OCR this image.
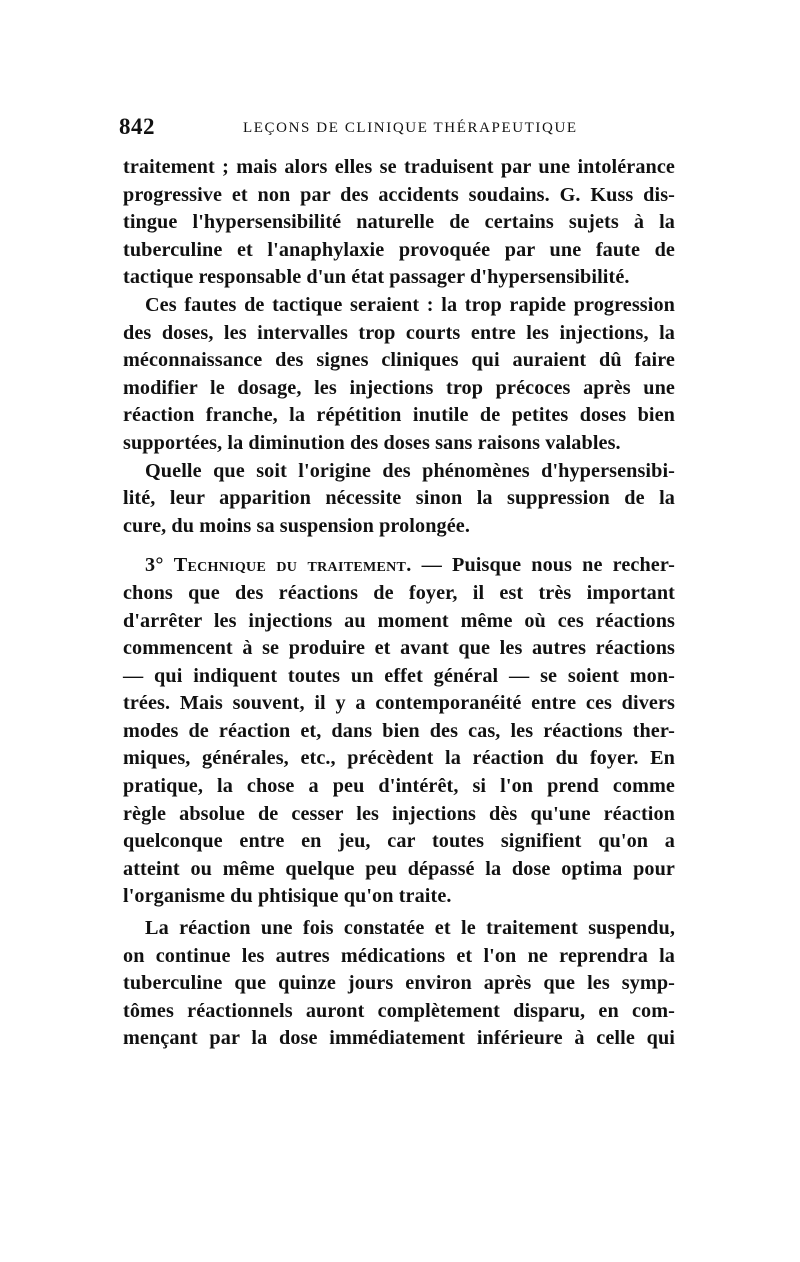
842	LEÇONS DE CLINIQUE THÉRAPEUTIQUE
traitement ; mais alors elles se traduisent par une intolérance
progressive et non par des accidents soudains. G. Kuss dis-
tingue l'hypersensibilité naturelle de certains sujets à la
tuberculine et l'anaphylaxie provoquée par une faute de
tactique responsable d'un état passager d'hypersensibilité.
Ces fautes de tactique seraient : la trop rapide progression
des doses, les intervalles trop courts entre les injections, la
méconnaissance des signes cliniques qui auraient dû faire
modifier le dosage, les injections trop précoces après une
réaction franche, la répétition inutile de petites doses bien
supportées, la diminution des doses sans raisons valables.
Quelle que soit l'origine des phénomènes d'hypersensibi-
lité, leur apparition nécessite sinon la suppression de la
cure, du moins sa suspension prolongée.
3° Technique du traitement. — Puisque nous ne recher-
chons que des réactions de foyer, il est très important
d'arrêter les injections au moment même où ces réactions
commencent à se produire et avant que les autres réactions
— qui indiquent toutes un effet général — se soient mon-
trées. Mais souvent, il y a contemporanéité entre ces divers
modes de réaction et, dans bien des cas, les réactions ther-
miques, générales, etc., précèdent la réaction du foyer. En
pratique, la chose a peu d'intérêt, si l'on prend comme
règle absolue de cesser les injections dès qu'une réaction
quelconque entre en jeu, car toutes signifient qu'on a
atteint ou même quelque peu dépassé la dose optima pour
l'organisme du phtisique qu'on traite.
La réaction une fois constatée et le traitement suspendu,
on continue les autres médications et l'on ne reprendra la
tuberculine que quinze jours environ après que les symp-
tômes réactionnels auront complètement disparu, en com-
mençant par la dose immédiatement inférieure à celle qui
